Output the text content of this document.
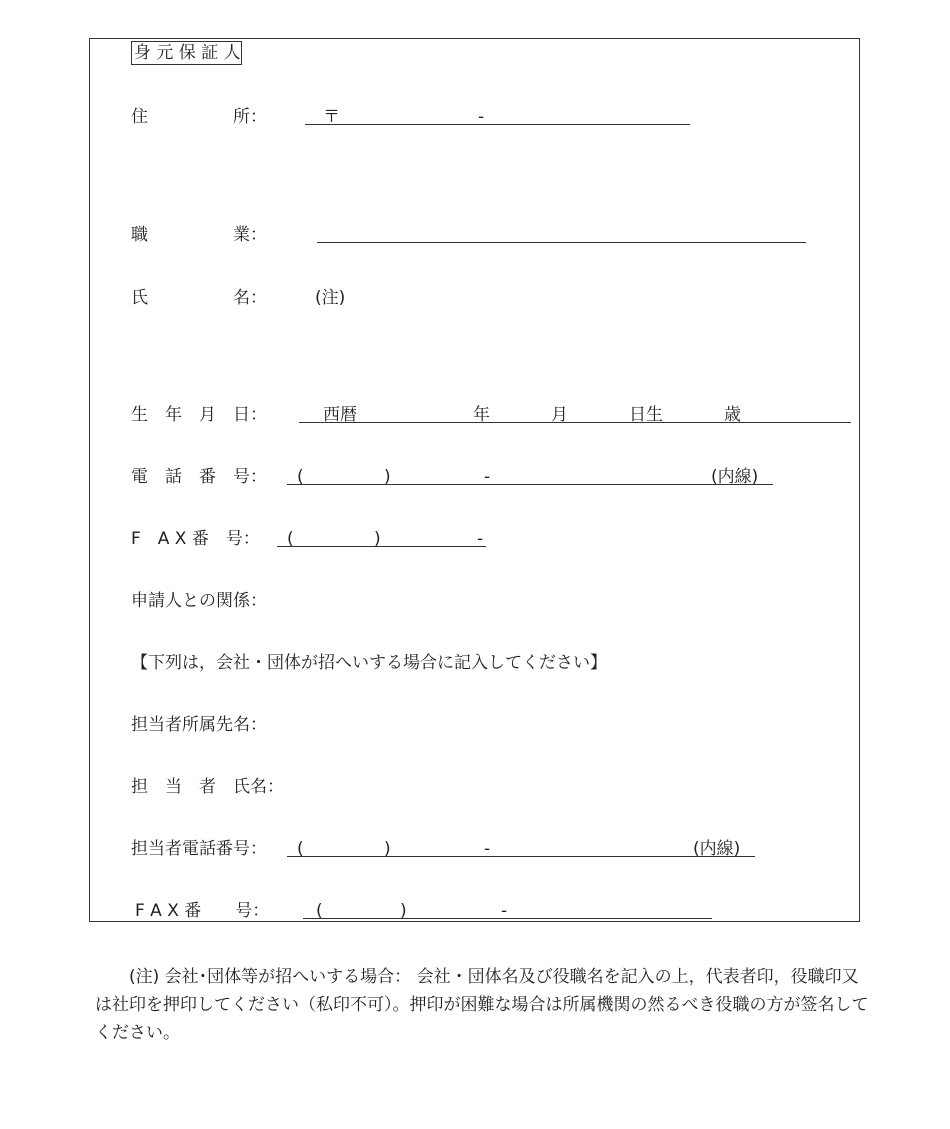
身 元 保 証 人
住　　　　　所：	〒	-
職　　　　　業：
氏　　　　　名：	(注)
生　年　月　日：	西暦	年	月	日生	歳
電　話　番　号： (	)	-	(内線)
F　A X 番　号： (	)	-
申請人との関係：
【下列は，会社・団体が招へいする場合に記入してください】
担当者所属先名：
担　当　者　氏名：
担当者電話番号： (	)	-	(内線)
F A X 番　　号：	(	)	-
　　(注) 会社･団体等が招へいする場合： 会社・団体名及び役職名を記入の上，代表者印，役職印又は社印を押印してください（私印不可）。押印が困難な場合は所属機関の然るべき役職の方が签名してください。
